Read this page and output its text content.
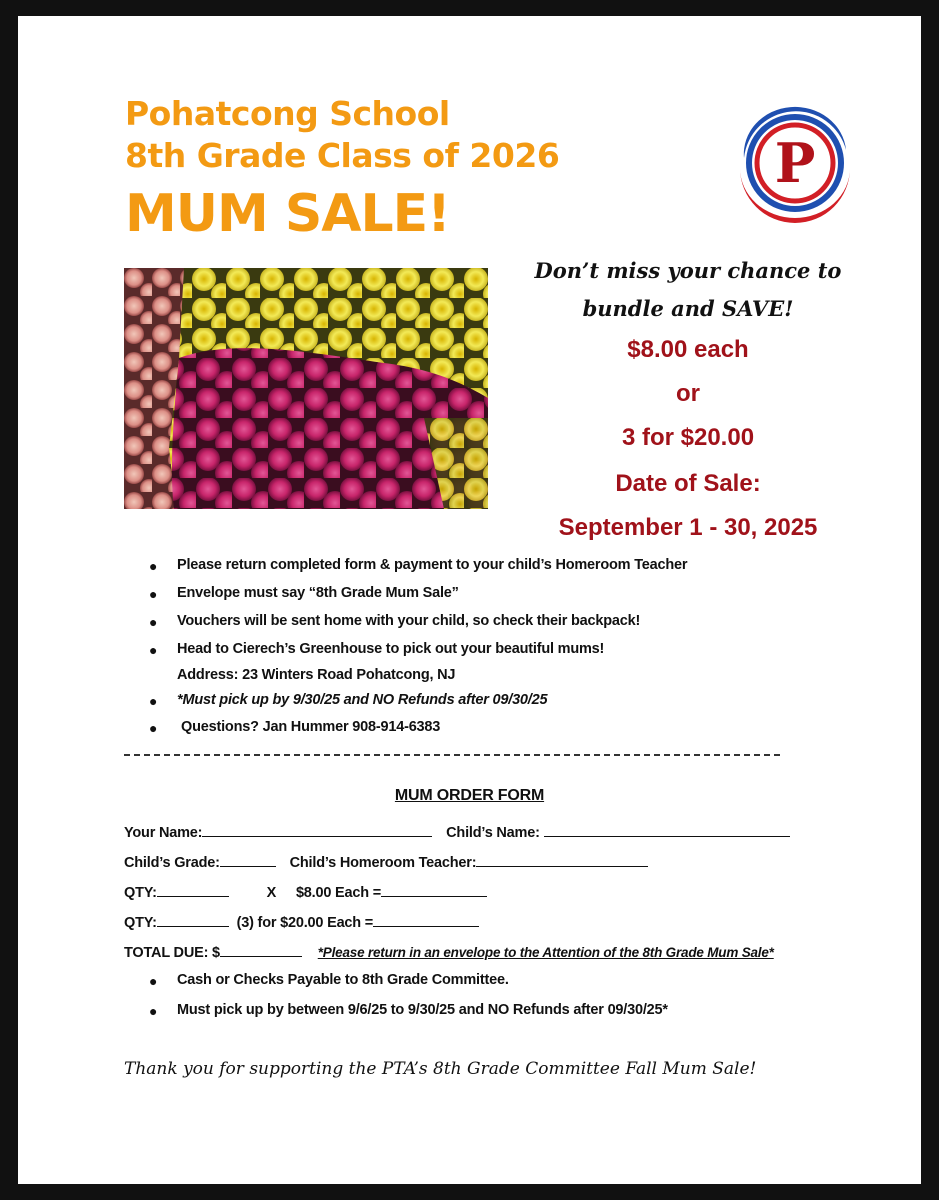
Pohatcong School
8th Grade Class of 2026
MUM SALE!
P
Don’t miss your chance to
bundle and SAVE!
$8.00 each
or
3 for $20.00
Date of Sale:
September 1 - 30, 2025
● Please return completed form & payment to your child’s Homeroom Teacher
● Envelope must say “8th Grade Mum Sale”
● Vouchers will be sent home with your child, so check their backpack!
● Head to Cierech’s Greenhouse to pick out your beautiful mums!
Address: 23 Winters Road Pohatcong, NJ
● *Must pick up by 9/30/25 and NO Refunds after 09/30/25
● Questions? Jan Hummer 908-914-6383
MUM ORDER FORM
Your Name:	Child’s Name:
Child’s Grade:	Child’s Homeroom Teacher:
QTY:	X $8.00 Each =
QTY:	(3) for $20.00 Each =
TOTAL DUE: $	*Please return in an envelope to the Attention of the 8th Grade Mum Sale*
● Cash or Checks Payable to 8th Grade Committee.
● Must pick up by between 9/6/25 to 9/30/25 and NO Refunds after 09/30/25*
Thank you for supporting the PTA’s 8th Grade Committee Fall Mum Sale!
